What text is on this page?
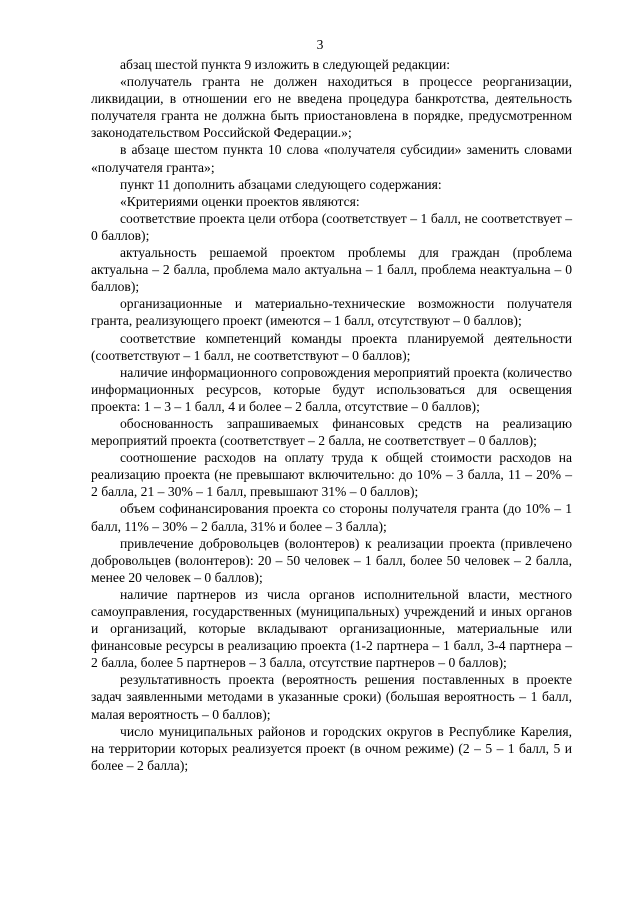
3

абзац шестой пункта 9 изложить в следующей редакции:

«получатель гранта не должен находиться в процессе реорганизации, ликвидации, в отношении его не введена процедура банкротства, деятельность получателя гранта не должна быть приостановлена в порядке, предусмотренном законодательством Российской Федерации.»;

в абзаце шестом пункта 10 слова «получателя субсидии» заменить словами «получателя гранта»;

пункт 11 дополнить абзацами следующего содержания:

«Критериями оценки проектов являются:

соответствие проекта цели отбора (соответствует – 1 балл, не соответствует – 0 баллов);

актуальность решаемой проектом проблемы для граждан (проблема актуальна – 2 балла, проблема мало актуальна – 1 балл, проблема неактуальна – 0 баллов);

организационные и материально-технические возможности получателя гранта, реализующего проект (имеются – 1 балл, отсутствуют – 0 баллов);

соответствие компетенций команды проекта планируемой деятельности (соответствуют – 1 балл, не соответствуют – 0 баллов);

наличие информационного сопровождения мероприятий проекта (количество информационных ресурсов, которые будут использоваться для освещения проекта: 1 – 3 – 1 балл, 4 и более – 2 балла, отсутствие – 0 баллов);

обоснованность запрашиваемых финансовых средств на реализацию мероприятий проекта (соответствует – 2 балла, не соответствует – 0 баллов);

соотношение расходов на оплату труда к общей стоимости расходов на реализацию проекта (не превышают включительно: до 10% – 3 балла, 11 – 20% – 2 балла, 21 – 30% – 1 балл, превышают 31% – 0 баллов);

объем софинансирования проекта со стороны получателя гранта (до 10% – 1 балл, 11% – 30% – 2 балла, 31% и более – 3 балла);

привлечение добровольцев (волонтеров) к реализации проекта (привлечено добровольцев (волонтеров): 20 – 50 человек – 1 балл, более 50 человек – 2 балла, менее 20 человек – 0 баллов);

наличие партнеров из числа органов исполнительной власти, местного самоуправления, государственных (муниципальных) учреждений и иных органов и организаций, которые вкладывают организационные, материальные или финансовые ресурсы в реализацию проекта (1-2 партнера – 1 балл, 3-4 партнера – 2 балла, более 5 партнеров – 3 балла, отсутствие партнеров – 0 баллов);

результативность проекта (вероятность решения поставленных в проекте задач заявленными методами в указанные сроки) (большая вероятность – 1 балл, малая вероятность – 0 баллов);

число муниципальных районов и городских округов в Республике Карелия, на территории которых реализуется проект (в очном режиме) (2 – 5 – 1 балл, 5 и более – 2 балла);
